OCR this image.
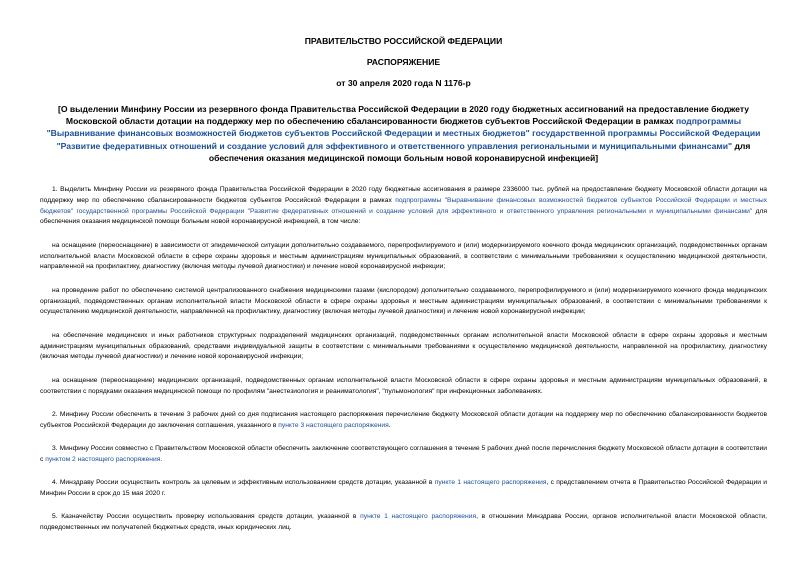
ПРАВИТЕЛЬСТВО РОССИЙСКОЙ ФЕДЕРАЦИИ
РАСПОРЯЖЕНИЕ
от 30 апреля 2020 года N 1176-р
[О выделении Минфину России из резервного фонда Правительства Российской Федерации в 2020 году бюджетных ассигнований на предоставление бюджету Московской области дотации на поддержку мер по обеспечению сбалансированности бюджетов субъектов Российской Федерации в рамках подпрограммы "Выравнивание финансовых возможностей бюджетов субъектов Российской Федерации и местных бюджетов" государственной программы Российской Федерации "Развитие федеративных отношений и создание условий для эффективного и ответственного управления региональными и муниципальными финансами" для обеспечения оказания медицинской помощи больным новой коронавирусной инфекцией]

1. Выделить Минфину России из резервного фонда Правительства Российской Федерации в 2020 году бюджетные ассигнования в размере 2336000 тыс. рублей на предоставление бюджету Московской области дотации на поддержку мер по обеспечению сбалансированности бюджетов субъектов Российской Федерации в рамках подпрограммы "Выравнивание финансовых возможностей бюджетов субъектов Российской Федерации и местных бюджетов" государственной программы Российской Федерации "Развитие федеративных отношений и создание условий для эффективного и ответственного управления региональными и муниципальными финансами" для обеспечения оказания медицинской помощи больным новой коронавирусной инфекцией, в том числе:

на оснащение (переоснащение) в зависимости от эпидемической ситуации дополнительно создаваемого, перепрофилируемого и (или) модернизируемого коечного фонда медицинских организаций, подведомственных органам исполнительной власти Московской области в сфере охраны здоровья и местным администрациям муниципальных образований, в соответствии с минимальными требованиями к осуществлению медицинской деятельности, направленной на профилактику, диагностику (включая методы лучевой диагностики) и лечение новой коронавирусной инфекции;

на проведение работ по обеспечению системой централизованного снабжения медицинскими газами (кислородом) дополнительно создаваемого, перепрофилируемого и (или) модернизируемого коечного фонда медицинских организаций, подведомственных органам исполнительной власти Московской области в сфере охраны здоровья и местным администрациям муниципальных образований, в соответствии с минимальными требованиями к осуществлению медицинской деятельности, направленной на профилактику, диагностику (включая методы лучевой диагностики) и лечение новой коронавирусной инфекции;

на обеспечение медицинских и иных работников структурных подразделений медицинских организаций, подведомственных органам исполнительной власти Московской области в сфере охраны здоровья и местным администрациям муниципальных образований, средствами индивидуальной защиты в соответствии с минимальными требованиями к осуществлению медицинской деятельности, направленной на профилактику, диагностику (включая методы лучевой диагностики) и лечение новой коронавирусной инфекции;

на оснащение (переоснащение) медицинских организаций, подведомственных органам исполнительной власти Московской области в сфере охраны здоровья и местным администрациям муниципальных образований, в соответствии с порядками оказания медицинской помощи по профилям "анестезиология и реаниматология", "пульмонология" при инфекционных заболеваниях.

2. Минфину России обеспечить в течение 3 рабочих дней со дня подписания настоящего распоряжения перечисление бюджету Московской области дотации на поддержку мер по обеспечению сбалансированности бюджетов субъектов Российской Федерации до заключения соглашения, указанного в пункте 3 настоящего распоряжения.

3. Минфину России совместно с Правительством Московской области обеспечить заключение соответствующего соглашения в течение 5 рабочих дней после перечисления бюджету Московской области дотации в соответствии с пунктом 2 настоящего распоряжения.

4. Минздраву России осуществить контроль за целевым и эффективным использованием средств дотации, указанной в пункте 1 настоящего распоряжения, с представлением отчета в Правительство Российской Федерации и Минфин России в срок до 15 мая 2020 г.

5. Казначейству России осуществить проверку использования средств дотации, указанной в пункте 1 настоящего распоряжения, в отношении Минздрава России, органов исполнительной власти Московской области, подведомственных им получателей бюджетных средств, иных юридических лиц.
